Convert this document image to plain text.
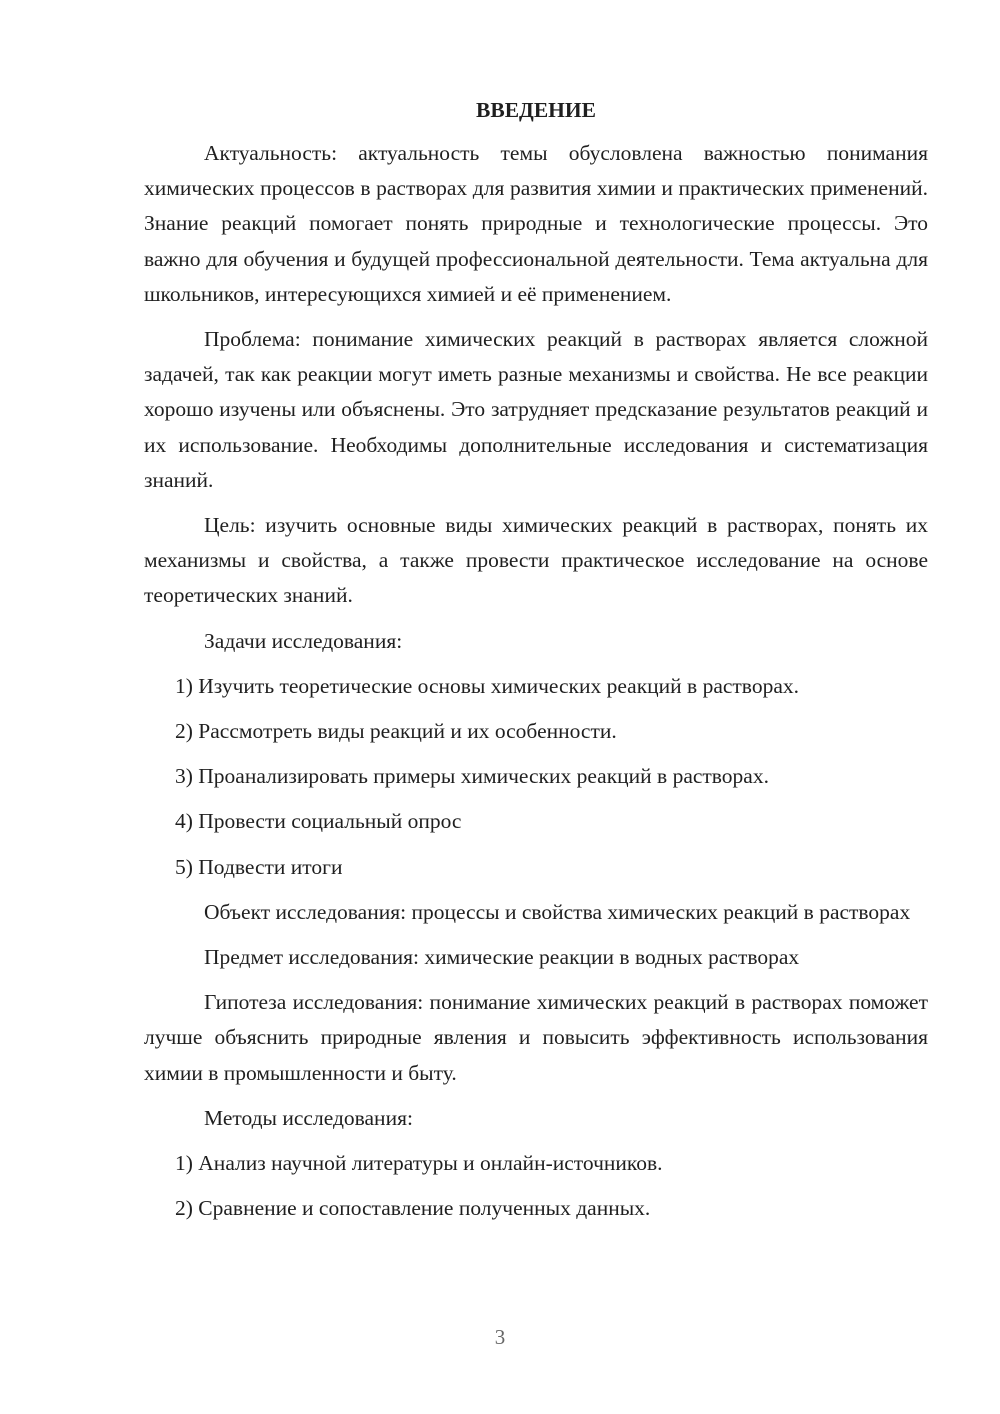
ВВЕДЕНИЕ
Актуальность: актуальность темы обусловлена важностью понимания химических процессов в растворах для развития химии и практических применений. Знание реакций помогает понять природные и технологические процессы. Это важно для обучения и будущей профессиональной деятельности. Тема актуальна для школьников, интересующихся химией и её применением.
Проблема: понимание химических реакций в растворах является сложной задачей, так как реакции могут иметь разные механизмы и свойства. Не все реакции хорошо изучены или объяснены. Это затрудняет предсказание результатов реакций и их использование. Необходимы дополнительные исследования и систематизация знаний.
Цель: изучить основные виды химических реакций в растворах, понять их механизмы и свойства, а также провести практическое исследование на основе теоретических знаний.
Задачи исследования:
1) Изучить теоретические основы химических реакций в растворах.
2) Рассмотреть виды реакций и их особенности.
3) Проанализировать примеры химических реакций в растворах.
4) Провести социальный опрос
5) Подвести итоги
Объект исследования: процессы и свойства химических реакций в растворах
Предмет исследования: химические реакции в водных растворах
Гипотеза исследования: понимание химических реакций в растворах поможет лучше объяснить природные явления и повысить эффективность использования химии в промышленности и быту.
Методы исследования:
1) Анализ научной литературы и онлайн-источников.
2) Сравнение и сопоставление полученных данных.
3
